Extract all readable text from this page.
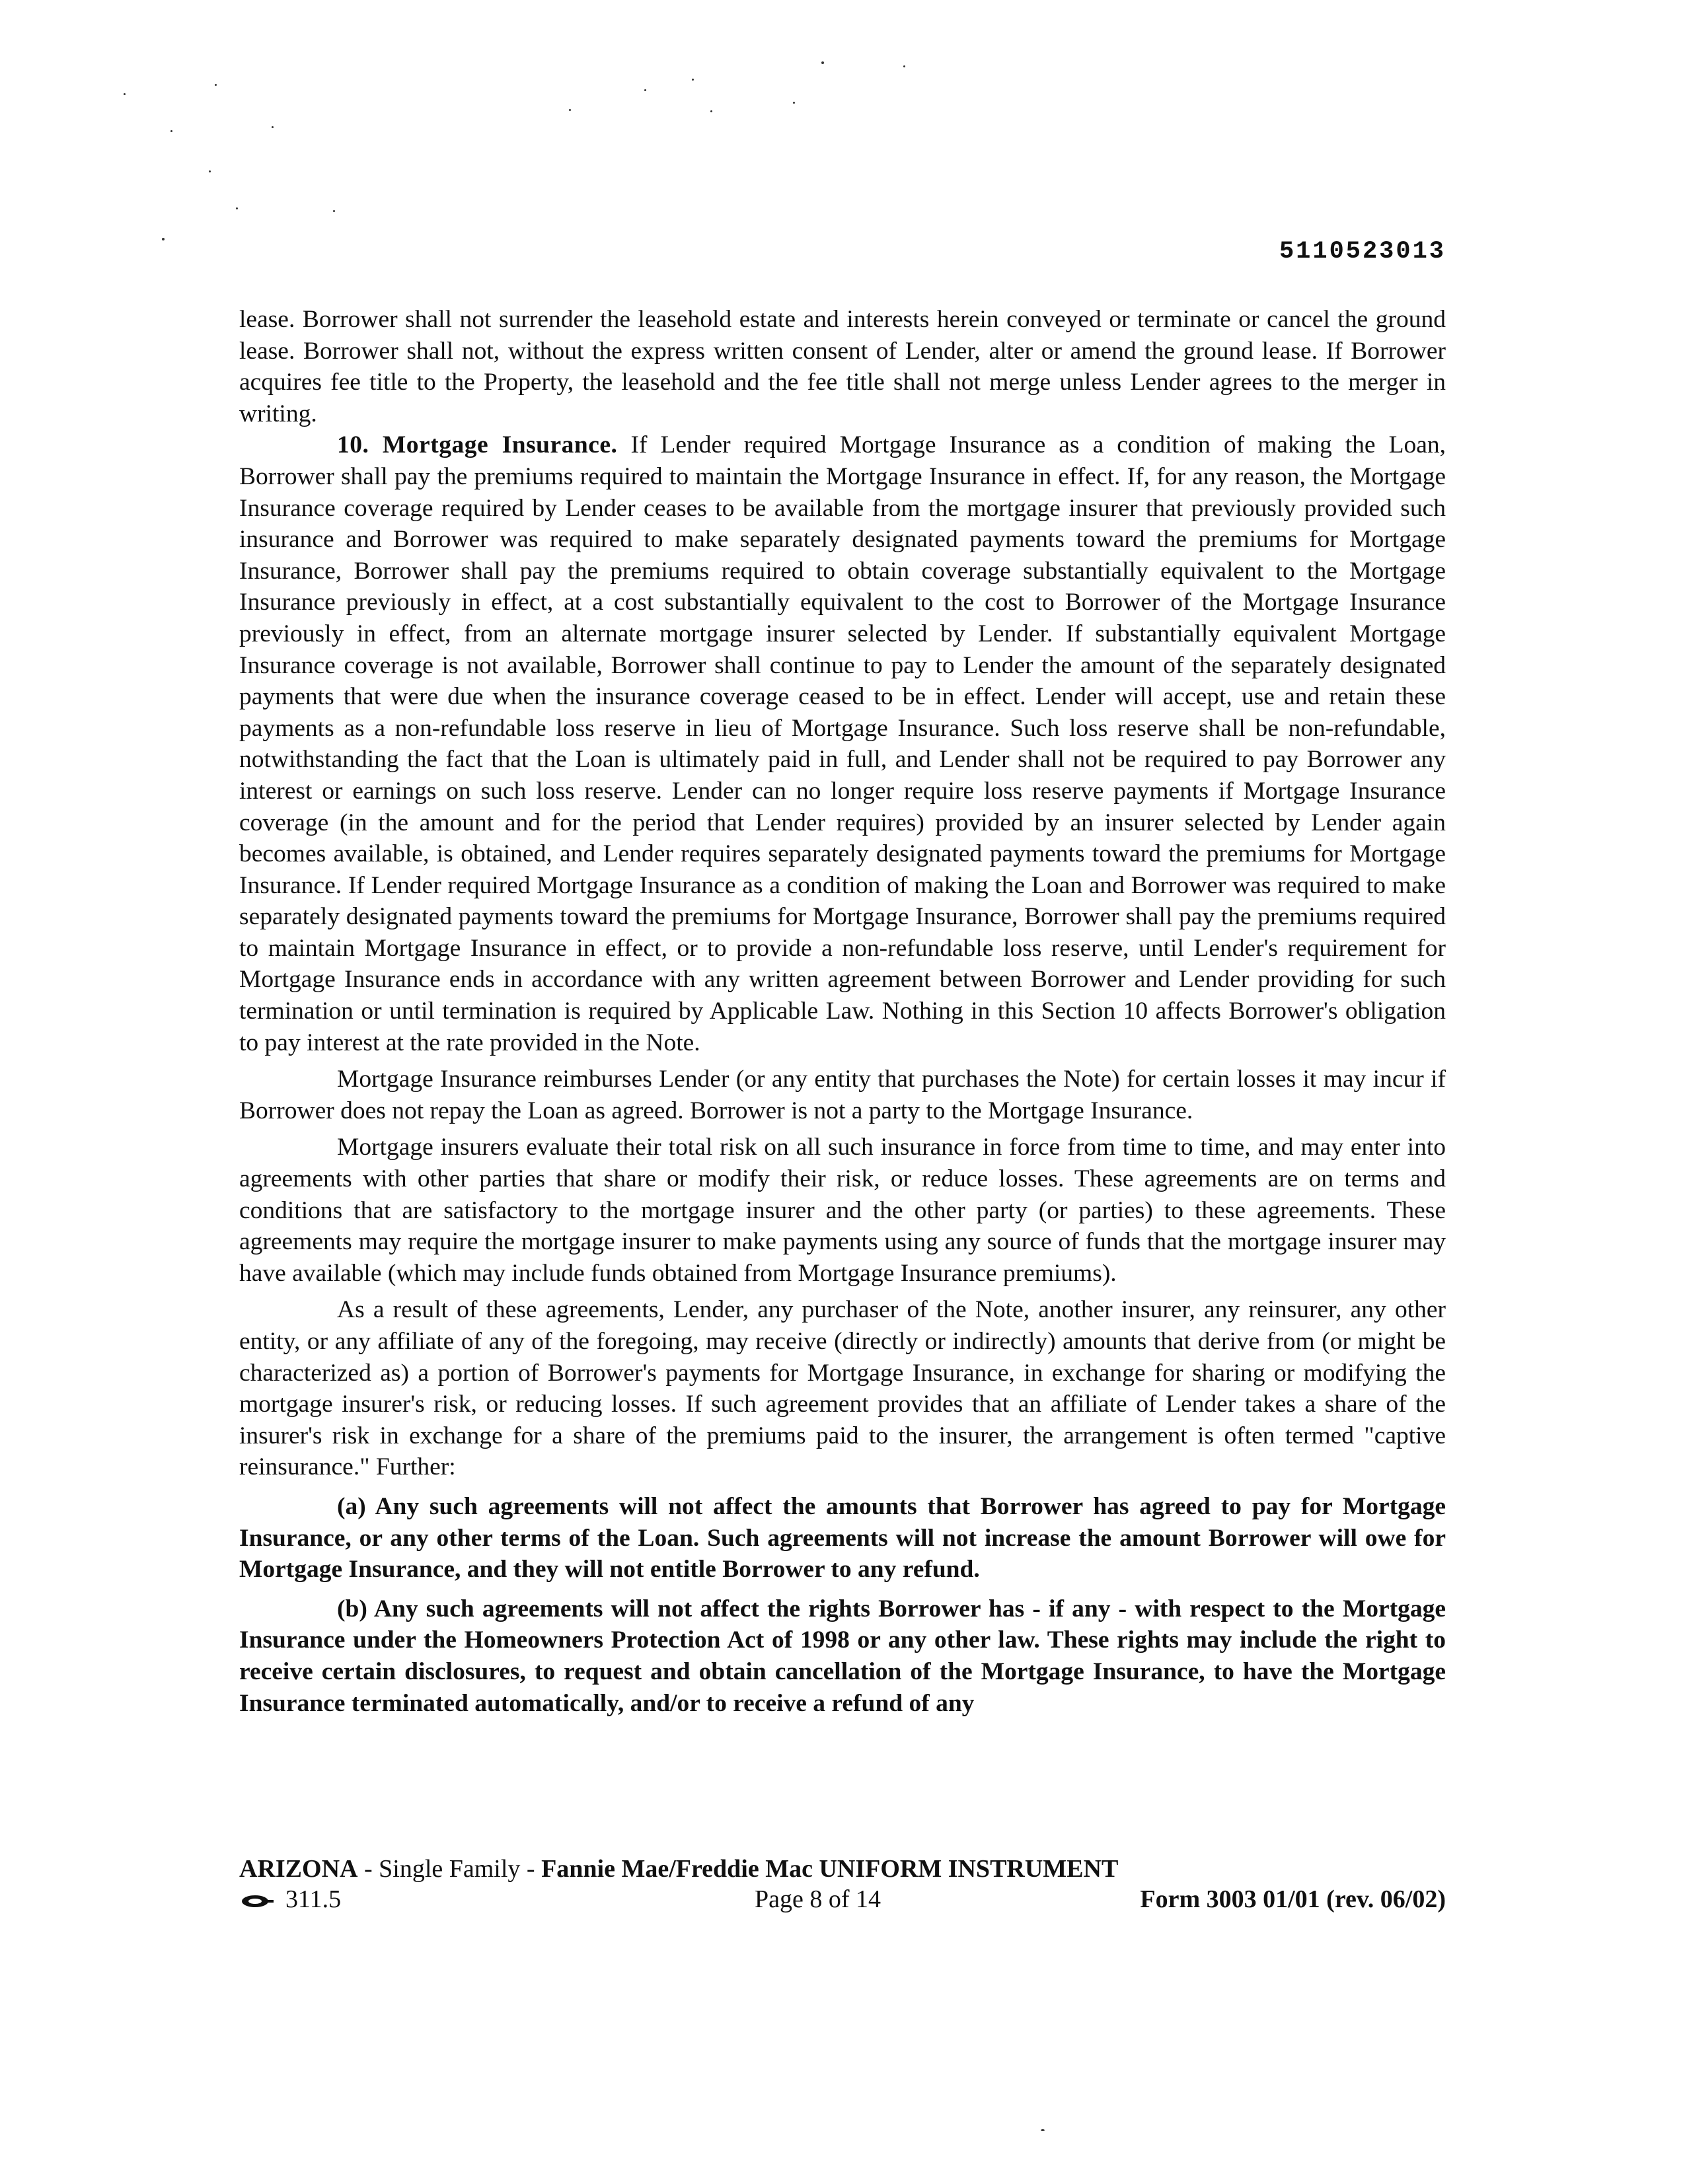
5110523013

lease. Borrower shall not surrender the leasehold estate and interests herein conveyed or terminate or cancel the ground lease. Borrower shall not, without the express written consent of Lender, alter or amend the ground lease. If Borrower acquires fee title to the Property, the leasehold and the fee title shall not merge unless Lender agrees to the merger in writing.

10. Mortgage Insurance. If Lender required Mortgage Insurance as a condition of making the Loan, Borrower shall pay the premiums required to maintain the Mortgage Insurance in effect. If, for any reason, the Mortgage Insurance coverage required by Lender ceases to be available from the mortgage insurer that previously provided such insurance and Borrower was required to make separately designated payments toward the premiums for Mortgage Insurance, Borrower shall pay the premiums required to obtain coverage substantially equivalent to the Mortgage Insurance previously in effect, at a cost substantially equivalent to the cost to Borrower of the Mortgage Insurance previously in effect, from an alternate mortgage insurer selected by Lender. If substantially equivalent Mortgage Insurance coverage is not available, Borrower shall continue to pay to Lender the amount of the separately designated payments that were due when the insurance coverage ceased to be in effect. Lender will accept, use and retain these payments as a non-refundable loss reserve in lieu of Mortgage Insurance. Such loss reserve shall be non-refundable, notwithstanding the fact that the Loan is ultimately paid in full, and Lender shall not be required to pay Borrower any interest or earnings on such loss reserve. Lender can no longer require loss reserve payments if Mortgage Insurance coverage (in the amount and for the period that Lender requires) provided by an insurer selected by Lender again becomes available, is obtained, and Lender requires separately designated payments toward the premiums for Mortgage Insurance. If Lender required Mortgage Insurance as a condition of making the Loan and Borrower was required to make separately designated payments toward the premiums for Mortgage Insurance, Borrower shall pay the premiums required to maintain Mortgage Insurance in effect, or to provide a non-refundable loss reserve, until Lender's requirement for Mortgage Insurance ends in accordance with any written agreement between Borrower and Lender providing for such termination or until termination is required by Applicable Law. Nothing in this Section 10 affects Borrower's obligation to pay interest at the rate provided in the Note.

Mortgage Insurance reimburses Lender (or any entity that purchases the Note) for certain losses it may incur if Borrower does not repay the Loan as agreed. Borrower is not a party to the Mortgage Insurance.

Mortgage insurers evaluate their total risk on all such insurance in force from time to time, and may enter into agreements with other parties that share or modify their risk, or reduce losses. These agreements are on terms and conditions that are satisfactory to the mortgage insurer and the other party (or parties) to these agreements. These agreements may require the mortgage insurer to make payments using any source of funds that the mortgage insurer may have available (which may include funds obtained from Mortgage Insurance premiums).

As a result of these agreements, Lender, any purchaser of the Note, another insurer, any reinsurer, any other entity, or any affiliate of any of the foregoing, may receive (directly or indirectly) amounts that derive from (or might be characterized as) a portion of Borrower's payments for Mortgage Insurance, in exchange for sharing or modifying the mortgage insurer's risk, or reducing losses. If such agreement provides that an affiliate of Lender takes a share of the insurer's risk in exchange for a share of the premiums paid to the insurer, the arrangement is often termed "captive reinsurance." Further:

(a) Any such agreements will not affect the amounts that Borrower has agreed to pay for Mortgage Insurance, or any other terms of the Loan. Such agreements will not increase the amount Borrower will owe for Mortgage Insurance, and they will not entitle Borrower to any refund.

(b) Any such agreements will not affect the rights Borrower has - if any - with respect to the Mortgage Insurance under the Homeowners Protection Act of 1998 or any other law. These rights may include the right to receive certain disclosures, to request and obtain cancellation of the Mortgage Insurance, to have the Mortgage Insurance terminated automatically, and/or to receive a refund of any

ARIZONA - Single Family - Fannie Mae/Freddie Mac UNIFORM INSTRUMENT
311.5	Page 8 of 14	Form 3003 01/01 (rev. 06/02)
